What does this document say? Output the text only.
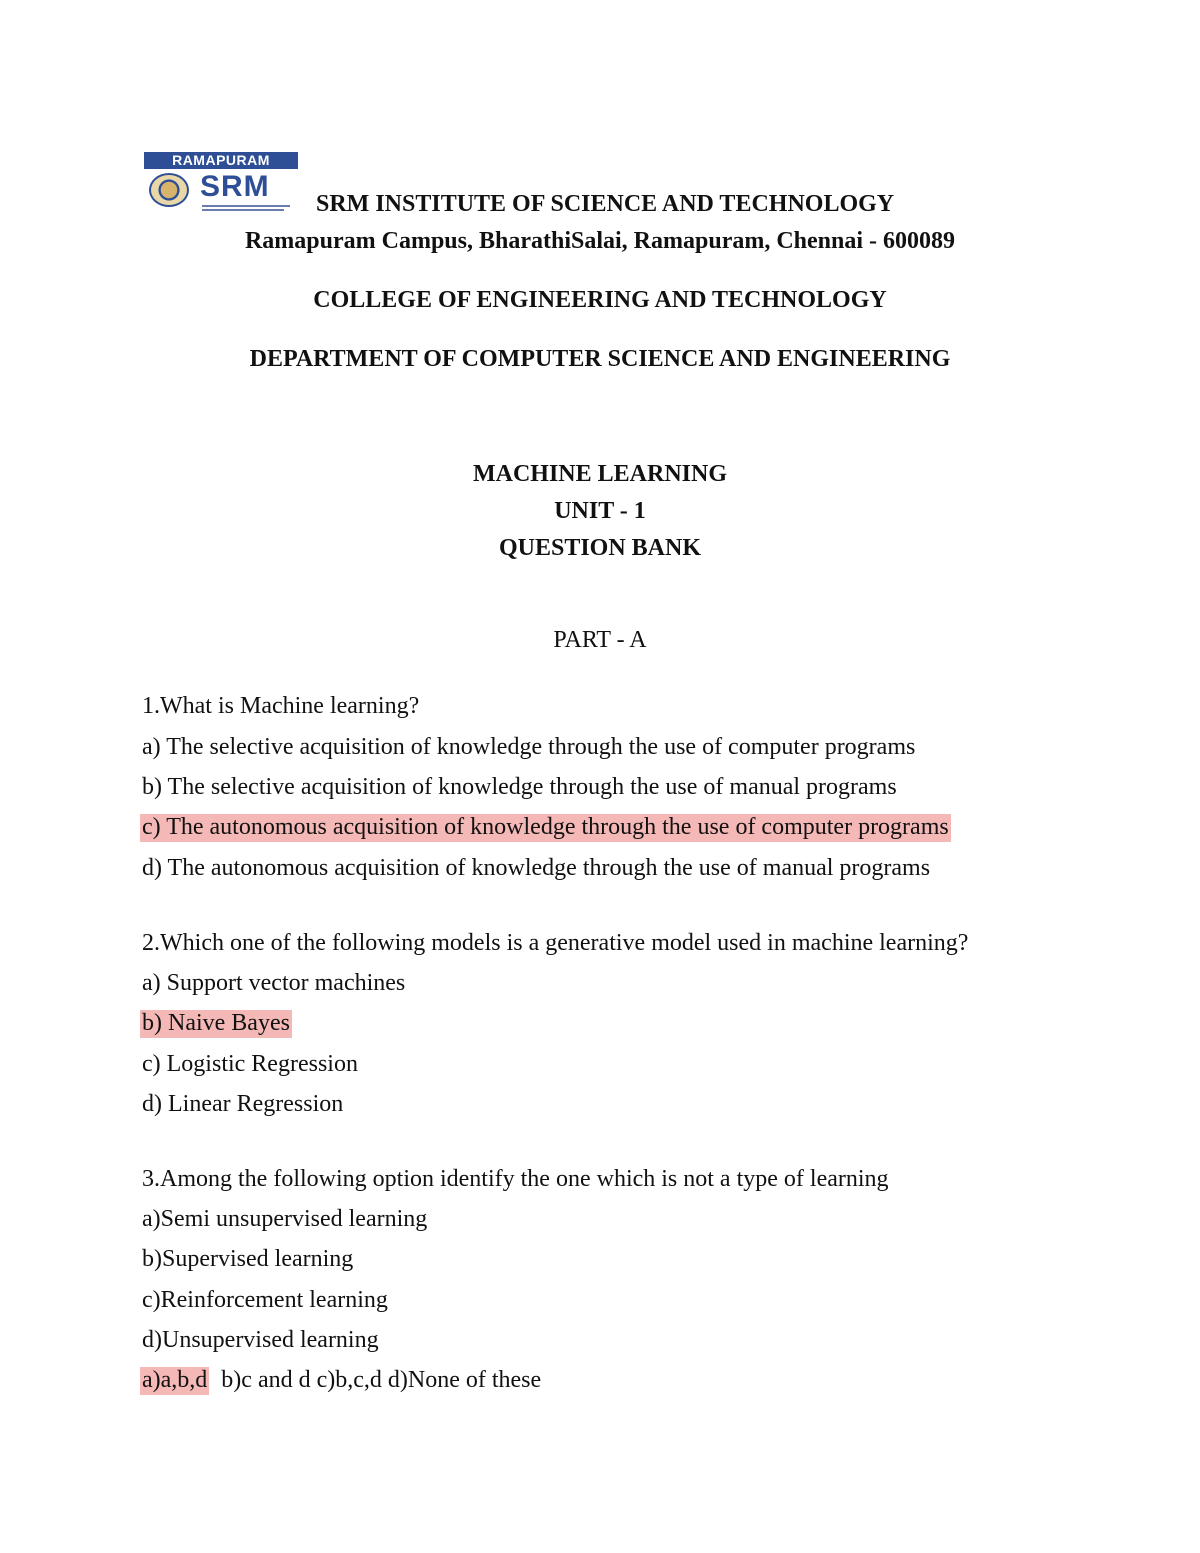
RAMAPURAM
SRM
SRM INSTITUTE OF SCIENCE AND TECHNOLOGY
Ramapuram Campus, BharathiSalai, Ramapuram, Chennai - 600089
COLLEGE OF ENGINEERING AND TECHNOLOGY
DEPARTMENT OF COMPUTER SCIENCE AND ENGINEERING
MACHINE LEARNING
UNIT - 1
QUESTION BANK
PART - A
1.What is Machine learning?
a) The selective acquisition of knowledge through the use of computer programs
b) The selective acquisition of knowledge through the use of manual programs
c) The autonomous acquisition of knowledge through the use of computer programs
d) The autonomous acquisition of knowledge through the use of manual programs
2.Which one of the following models is a generative model used in machine learning?
a) Support vector machines
b) Naive Bayes
c) Logistic Regression
d) Linear Regression
3.Among the following option identify the one which is not a type of learning
a)Semi unsupervised learning
b)Supervised learning
c)Reinforcement learning
d)Unsupervised learning
a)a,b,d b)c and d c)b,c,d d)None of these
